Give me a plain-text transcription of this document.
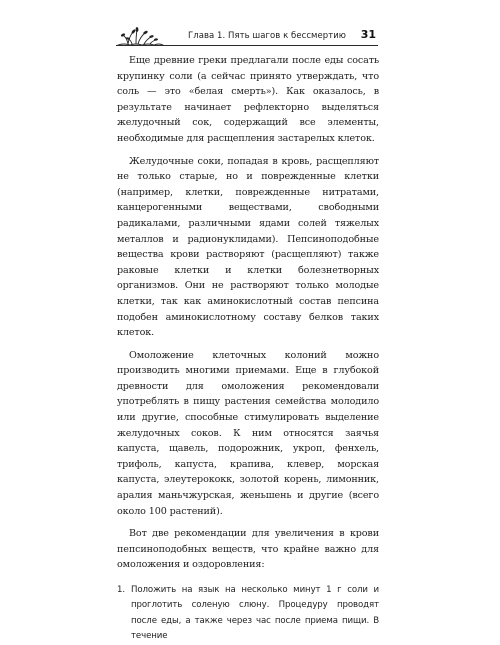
Глава 1. Пять шагов к бессмертию 31

Еще древние греки предлагали после еды сосать крупинку соли (а сейчас принято утверждать, что соль — это «белая смерть»). Как оказалось, в результате начинает рефлекторно выделяться желудочный сок, содержащий все элементы, необходимые для расщепления застарелых клеток.

Желудочные соки, попадая в кровь, расщепляют не только старые, но и поврежденные клетки (например, клетки, поврежденные нитратами, канцерогенными веществами, свободными радикалами, различными ядами солей тяжелых металлов и радионуклидами). Пепсиноподобные вещества крови растворяют (расщепляют) также раковые клетки и клетки болезнетворных организмов. Они не растворяют только молодые клетки, так как аминокислотный состав пепсина подобен аминокислотному составу белков таких клеток.

Омоложение клеточных колоний можно производить многими приемами. Еще в глубокой древности для омоложения рекомендовали употреблять в пищу растения семейства молодило или другие, способные стимулировать выделение желудочных соков. К ним относятся заячья капуста, щавель, подорожник, укроп, фенхель, трифоль, капуста, крапива, клевер, морская капуста, элеутерококк, золотой корень, лимонник, аралия маньчжурская, женьшень и другие (всего около 100 растений).

Вот две рекомендации для увеличения в крови пепсиноподобных веществ, что крайне важно для омоложения и оздоровления:

1. Положить на язык на несколько минут 1 г соли и проглотить соленую слюну. Процедуру проводят после еды, а также через час после приема пищи. В течение
